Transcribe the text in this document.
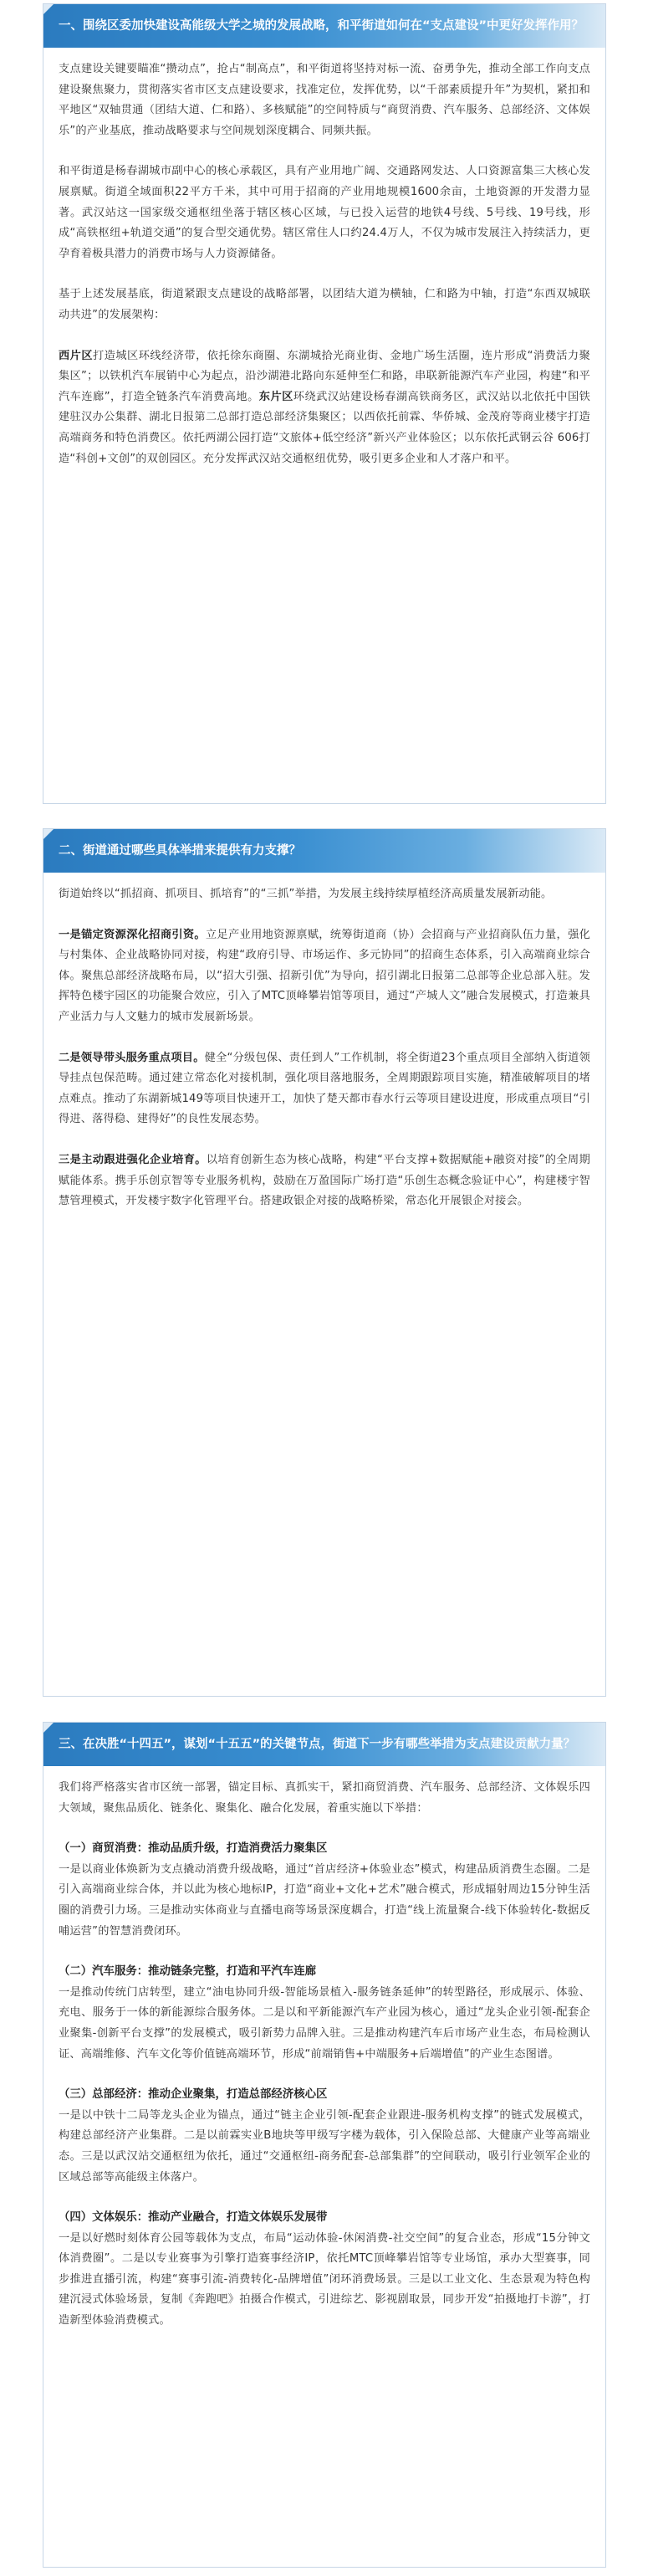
一、围绕区委加快建设高能级大学之城的发展战略，和平街道如何在“支点建设”中更好发挥作用？

支点建设关键要瞄准“攒动点”，抢占“制高点”，和平街道将坚持对标一流、奋勇争先，推动全部工作向支点建设聚焦聚力，贯彻落实省市区支点建设要求，找准定位，发挥优势，以“千部素质提升年”为契机，紧扣和平地区“双轴贯通（团结大道、仁和路）、多核赋能”的空间特质与“商贸消费、汽车服务、总部经济、文体娱乐”的产业基底，推动战略要求与空间规划深度耦合、同频共振。

和平街道是杨春湖城市副中心的核心承载区，具有产业用地广阔、交通路网发达、人口资源富集三大核心发展禀赋。街道全域面积22平方千米，其中可用于招商的产业用地规模1600余亩，土地资源的开发潜力显著。武汉站这一国家级交通枢纽坐落于辖区核心区域，与已投入运营的地铁4号线、5号线、19号线，形成“高铁枢纽+轨道交通”的复合型交通优势。辖区常住人口约24.4万人，不仅为城市发展注入持续活力，更孕育着极具潜力的消费市场与人力资源储备。

基于上述发展基底，街道紧跟支点建设的战略部署，以团结大道为横轴，仁和路为中轴，打造“东西双城联动共进”的发展架构：

西片区打造城区环线经济带，依托徐东商圈、东湖城拾光商业街、金地广场生活圈，连片形成“消费活力聚集区”；以铁机汽车展销中心为起点，沿沙湖港北路向东延伸至仁和路，串联新能源汽车产业园，构建“和平汽车连廊”，打造全链条汽车消费高地。东片区环绕武汉站建设杨春湖高铁商务区，武汉站以北依托中国铁建驻汉办公集群、湖北日报第二总部打造总部经济集聚区；以西依托前霖、华侨城、金茂府等商业楼宇打造高端商务和特色消费区。依托两湖公园打造“文旅体+低空经济”新兴产业体验区；以东依托武钢云谷 606打造“科创+文创”的双创园区。充分发挥武汉站交通枢纽优势，吸引更多企业和人才落户和平。

二、街道通过哪些具体举措来提供有力支撑？

街道始终以“抓招商、抓项目、抓培育”的“三抓”举措，为发展主线持续厚植经济高质量发展新动能。

一是锚定资源深化招商引资。立足产业用地资源禀赋，统筹街道商（协）会招商与产业招商队伍力量，强化与村集体、企业战略协同对接，构建“政府引导、市场运作、多元协同”的招商生态体系，引入高端商业综合体。聚焦总部经济战略布局，以“招大引强、招新引优”为导向，招引湖北日报第二总部等企业总部入驻。发挥特色楼宇园区的功能聚合效应，引入了MTC顶峰攀岩馆等项目，通过“产城人文”融合发展模式，打造兼具产业活力与人文魅力的城市发展新场景。

二是领导带头服务重点项目。健全“分级包保、责任到人”工作机制，将全街道23个重点项目全部纳入街道领导挂点包保范畴。通过建立常态化对接机制，强化项目落地服务，全周期跟踪项目实施，精准破解项目的堵点难点。推动了东湖新城149等项目快速开工，加快了楚天都市春水行云等项目建设进度，形成重点项目“引得进、落得稳、建得好”的良性发展态势。

三是主动跟进强化企业培育。以培育创新生态为核心战略，构建“平台支撑+数据赋能+融资对接”的全周期赋能体系。携手乐创京智等专业服务机构，鼓励在万盈国际广场打造“乐创生态概念验证中心”，构建楼宇智慧管理模式，开发楼宇数字化管理平台。搭建政银企对接的战略桥梁，常态化开展银企对接会。

三、在决胜“十四五”，谋划“十五五”的关键节点，街道下一步有哪些举措为支点建设贡献力量？

我们将严格落实省市区统一部署，锚定目标、真抓实干，紧扣商贸消费、汽车服务、总部经济、文体娱乐四大领域，聚焦品质化、链条化、聚集化、融合化发展，着重实施以下举措：

（一）商贸消费：推动品质升级，打造消费活力聚集区

一是以商业体焕新为支点撬动消费升级战略，通过“首店经济+体验业态”模式，构建品质消费生态圈。二是引入高端商业综合体，并以此为核心地标IP，打造“商业+文化+艺术”融合模式，形成辐射周边15分钟生活圈的消费引力场。三是推动实体商业与直播电商等场景深度耦合，打造“线上流量聚合-线下体验转化-数据反哺运营”的智慧消费闭环。

（二）汽车服务：推动链条完整，打造和平汽车连廊

一是推动传统门店转型，建立“油电协同升级-智能场景植入-服务链条延伸”的转型路径，形成展示、体验、充电、服务于一体的新能源综合服务体。二是以和平新能源汽车产业园为核心，通过“龙头企业引领-配套企业聚集-创新平台支撑”的发展模式，吸引新势力品牌入驻。三是推动构建汽车后市场产业生态，布局检测认证、高端维修、汽车文化等价值链高端环节，形成“前端销售+中端服务+后端增值”的产业生态图谱。

（三）总部经济：推动企业聚集，打造总部经济核心区

一是以中铁十二局等龙头企业为锚点，通过“链主企业引领-配套企业跟进-服务机构支撑”的链式发展模式，构建总部经济产业集群。二是以前霖实业B地块等甲级写字楼为载体，引入保险总部、大健康产业等高端业态。三是以武汉站交通枢纽为依托，通过“交通枢纽-商务配套-总部集群”的空间联动，吸引行业领军企业的区域总部等高能级主体落户。

（四）文体娱乐：推动产业融合，打造文体娱乐发展带

一是以好燃时刻体育公园等载体为支点，布局“运动体验-休闲消费-社交空间”的复合业态，形成“15分钟文体消费圈”。二是以专业赛事为引擎打造赛事经济IP，依托MTC顶峰攀岩馆等专业场馆，承办大型赛事，同步推进直播引流，构建“赛事引流-消费转化-品牌增值”闭环消费场景。三是以工业文化、生态景观为特色构建沉浸式体验场景，复制《奔跑吧》拍摄合作模式，引进综艺、影视剧取景，同步开发“拍摄地打卡游”，打造新型体验消费模式。
